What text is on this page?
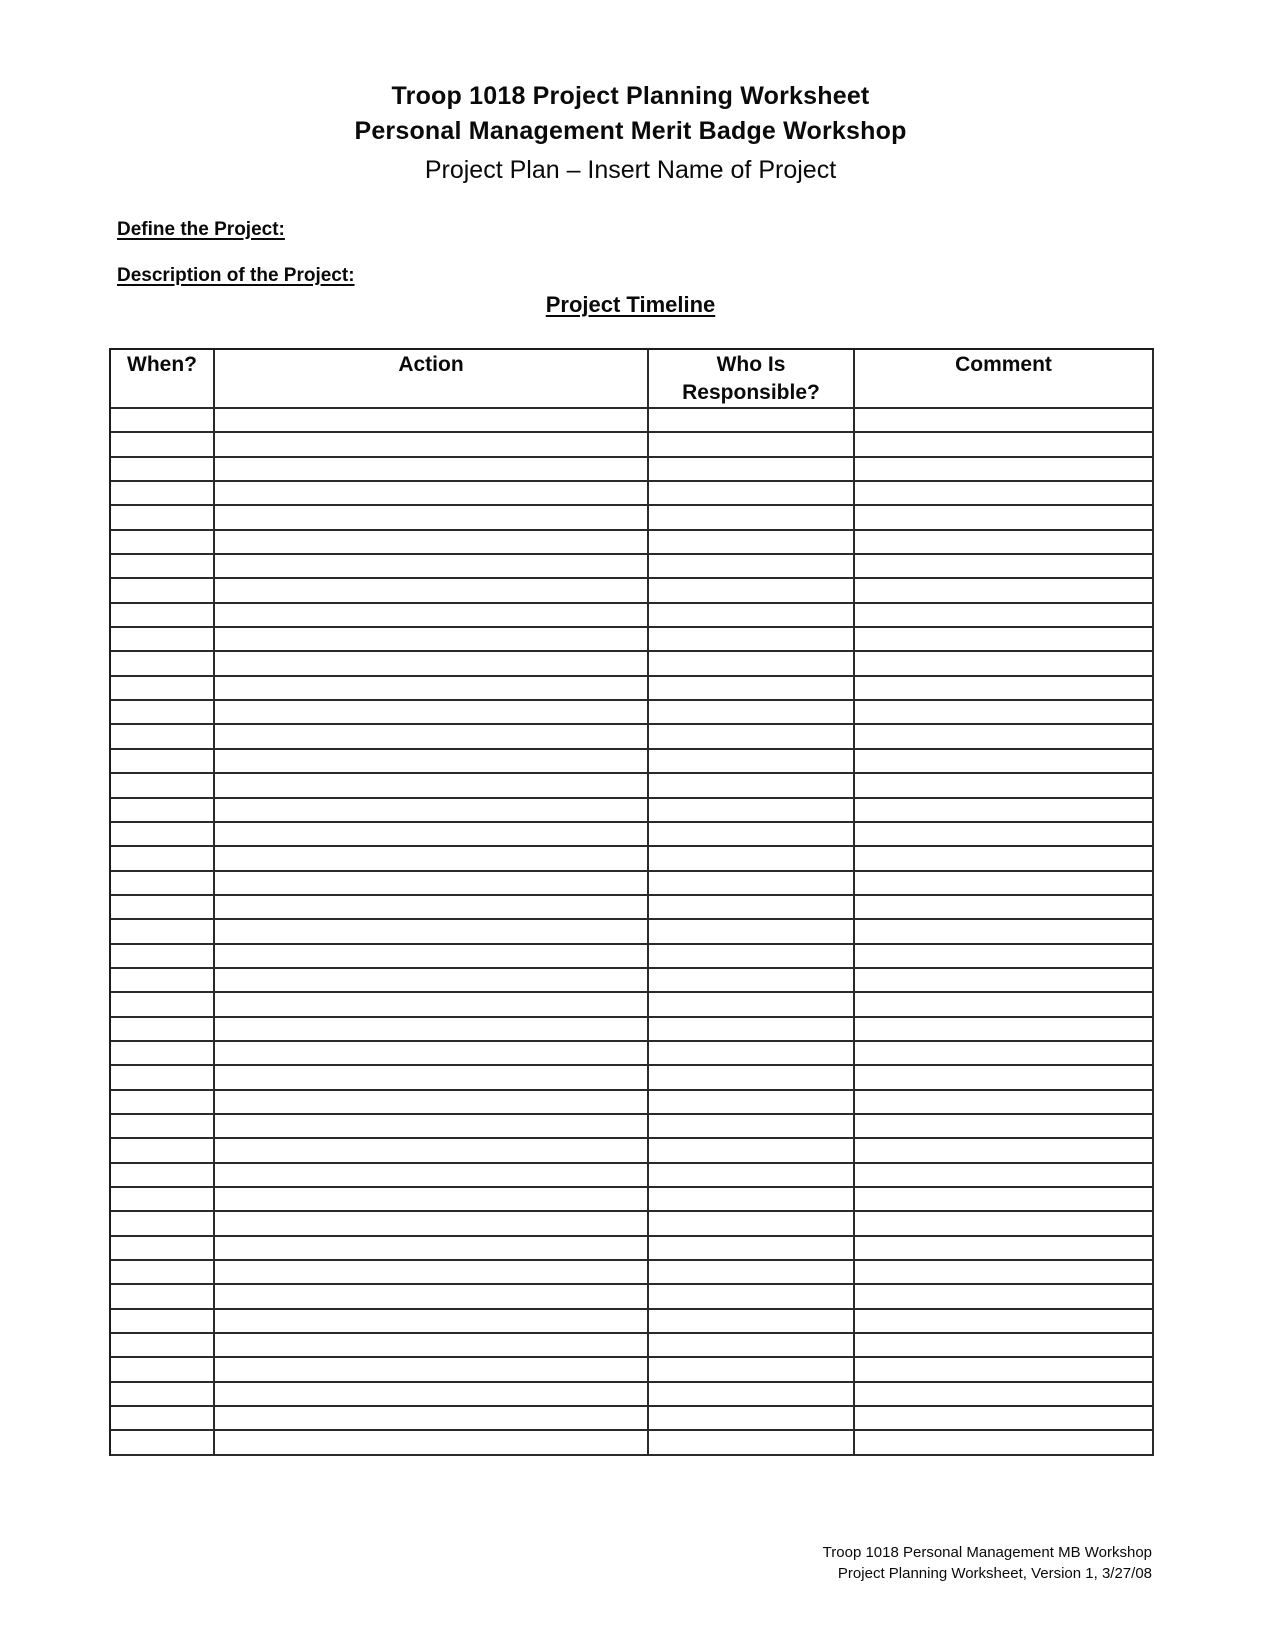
Troop 1018 Project Planning Worksheet
Personal Management Merit Badge Workshop
Project Plan – Insert Name of Project
Define the Project:
Description of the Project:
Project Timeline
When?	Action	Who Is Responsible?
Comment
Troop 1018 Personal Management MB Workshop
Project Planning Worksheet, Version 1, 3/27/08
